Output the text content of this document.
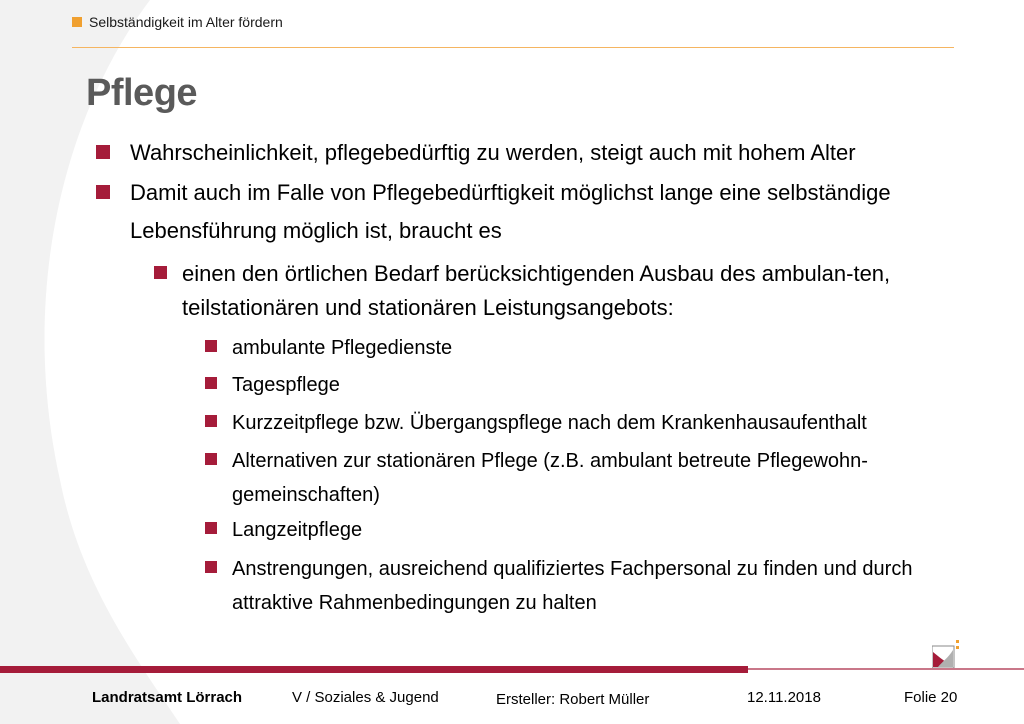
Selbständigkeit im Alter fördern
Pflege
Wahrscheinlichkeit, pflegebedürftig zu werden, steigt auch mit hohem Alter
Damit auch im Falle von Pflegebedürftigkeit möglichst lange eine selbständige Lebensführung möglich ist, braucht es
einen den örtlichen Bedarf berücksichtigenden Ausbau des ambulan-ten, teilstationären und stationären Leistungsangebots:
ambulante Pflegedienste
Tagespflege
Kurzzeitpflege bzw. Übergangspflege nach dem Krankenhausaufenthalt
Alternativen zur stationären Pflege (z.B. ambulant betreute Pflegewohn-gemeinschaften)
Langzeitpflege
Anstrengungen, ausreichend qualifiziertes Fachpersonal zu finden und durch attraktive Rahmenbedingungen zu halten
Landratsamt Lörrach	V / Soziales & Jugend	Ersteller: Robert Müller	12.11.2018	Folie 20
